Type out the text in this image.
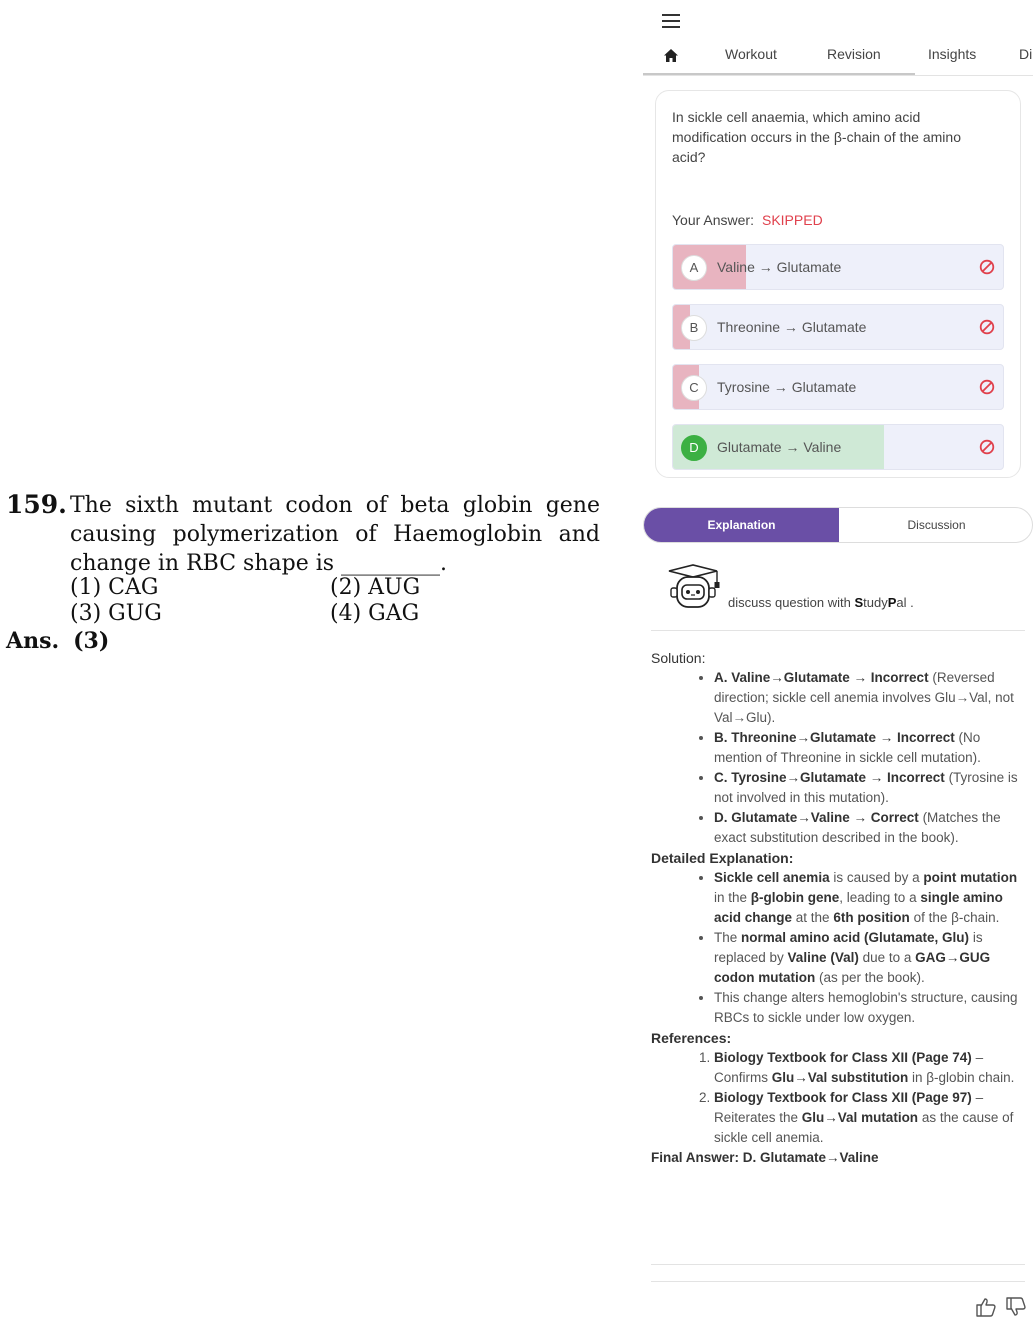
159. The sixth mutant codon of beta globin gene causing polymerization of Haemoglobin and change in RBC shape is _________.
(1) CAG	(2) AUG
(3) GUG	(4) GAG
Ans. (3)
Workout	Revision	Insights	Di
In sickle cell anaemia, which amino acid modification occurs in the β-chain of the amino acid?
Your Answer: SKIPPED
A	Valine → Glutamate
B	Threonine → Glutamate
C	Tyrosine → Glutamate
D	Glutamate → Valine
Explanation	Discussion
discuss question with StudyPal .
Solution:
• A. Valine→Glutamate → Incorrect (Reversed direction; sickle cell anemia involves Glu→Val, not Val→Glu).
• B. Threonine→Glutamate → Incorrect (No mention of Threonine in sickle cell mutation).
• C. Tyrosine→Glutamate → Incorrect (Tyrosine is not involved in this mutation).
• D. Glutamate→Valine → Correct (Matches the exact substitution described in the book).
Detailed Explanation:
• Sickle cell anemia is caused by a point mutation in the β-globin gene, leading to a single amino acid change at the 6th position of the β-chain.
• The normal amino acid (Glutamate, Glu) is replaced by Valine (Val) due to a GAG→GUG codon mutation (as per the book).
• This change alters hemoglobin's structure, causing RBCs to sickle under low oxygen.
References:
1. Biology Textbook for Class XII (Page 74) – Confirms Glu→Val substitution in β-globin chain.
2. Biology Textbook for Class XII (Page 97) – Reiterates the Glu→Val mutation as the cause of sickle cell anemia.
Final Answer: D. Glutamate→Valine
